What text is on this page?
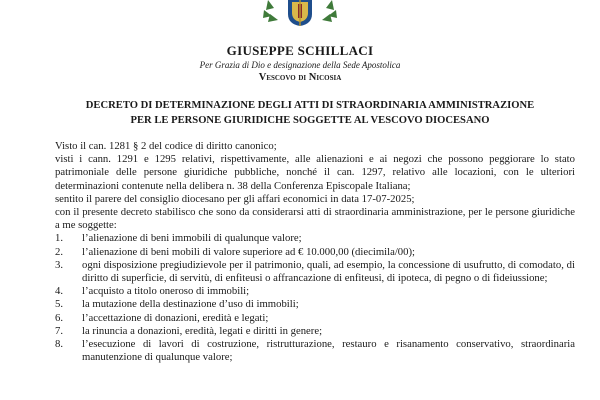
GIUSEPPE SCHILLACI
Per Grazia di Dio e designazione della Sede Apostolica
Vescovo di Nicosia
DECRETO DI DETERMINAZIONE DEGLI ATTI DI STRAORDINARIA AMMINISTRAZIONE
PER LE PERSONE GIURIDICHE SOGGETTE AL VESCOVO DIOCESANO

Visto il can. 1281 § 2 del codice di diritto canonico;

visti i cann. 1291 e 1295 relativi, rispettivamente, alle alienazioni e ai negozi che possono peggiorare lo stato patrimoniale delle persone giuridiche pubbliche, nonché il can. 1297, relativo alle locazioni, con le ulteriori determinazioni contenute nella delibera n. 38 della Conferenza Episcopale Italiana;

sentito il parere del consiglio diocesano per gli affari economici in data 17-07-2025;

con il presente decreto stabilisco che sono da considerarsi atti di straordinaria amministrazione, per le persone giuridiche a me soggette:

1. l’alienazione di beni immobili di qualunque valore;
2. l’alienazione di beni mobili di valore superiore ad € 10.000,00 (diecimila/00);
3. ogni disposizione pregiudizievole per il patrimonio, quali, ad esempio, la concessione di usufrutto, di comodato, di diritto di superficie, di servitù, di enfiteusi o affrancazione di enfiteusi, di ipoteca, di pegno o di fideiussione;
4. l’acquisto a titolo oneroso di immobili;
5. la mutazione della destinazione d’uso di immobili;
6. l’accettazione di donazioni, eredità e legati;
7. la rinuncia a donazioni, eredità, legati e diritti in genere;
8. l’esecuzione di lavori di costruzione, ristrutturazione, restauro e risanamento conservativo, straordinaria manutenzione di qualunque valore;
